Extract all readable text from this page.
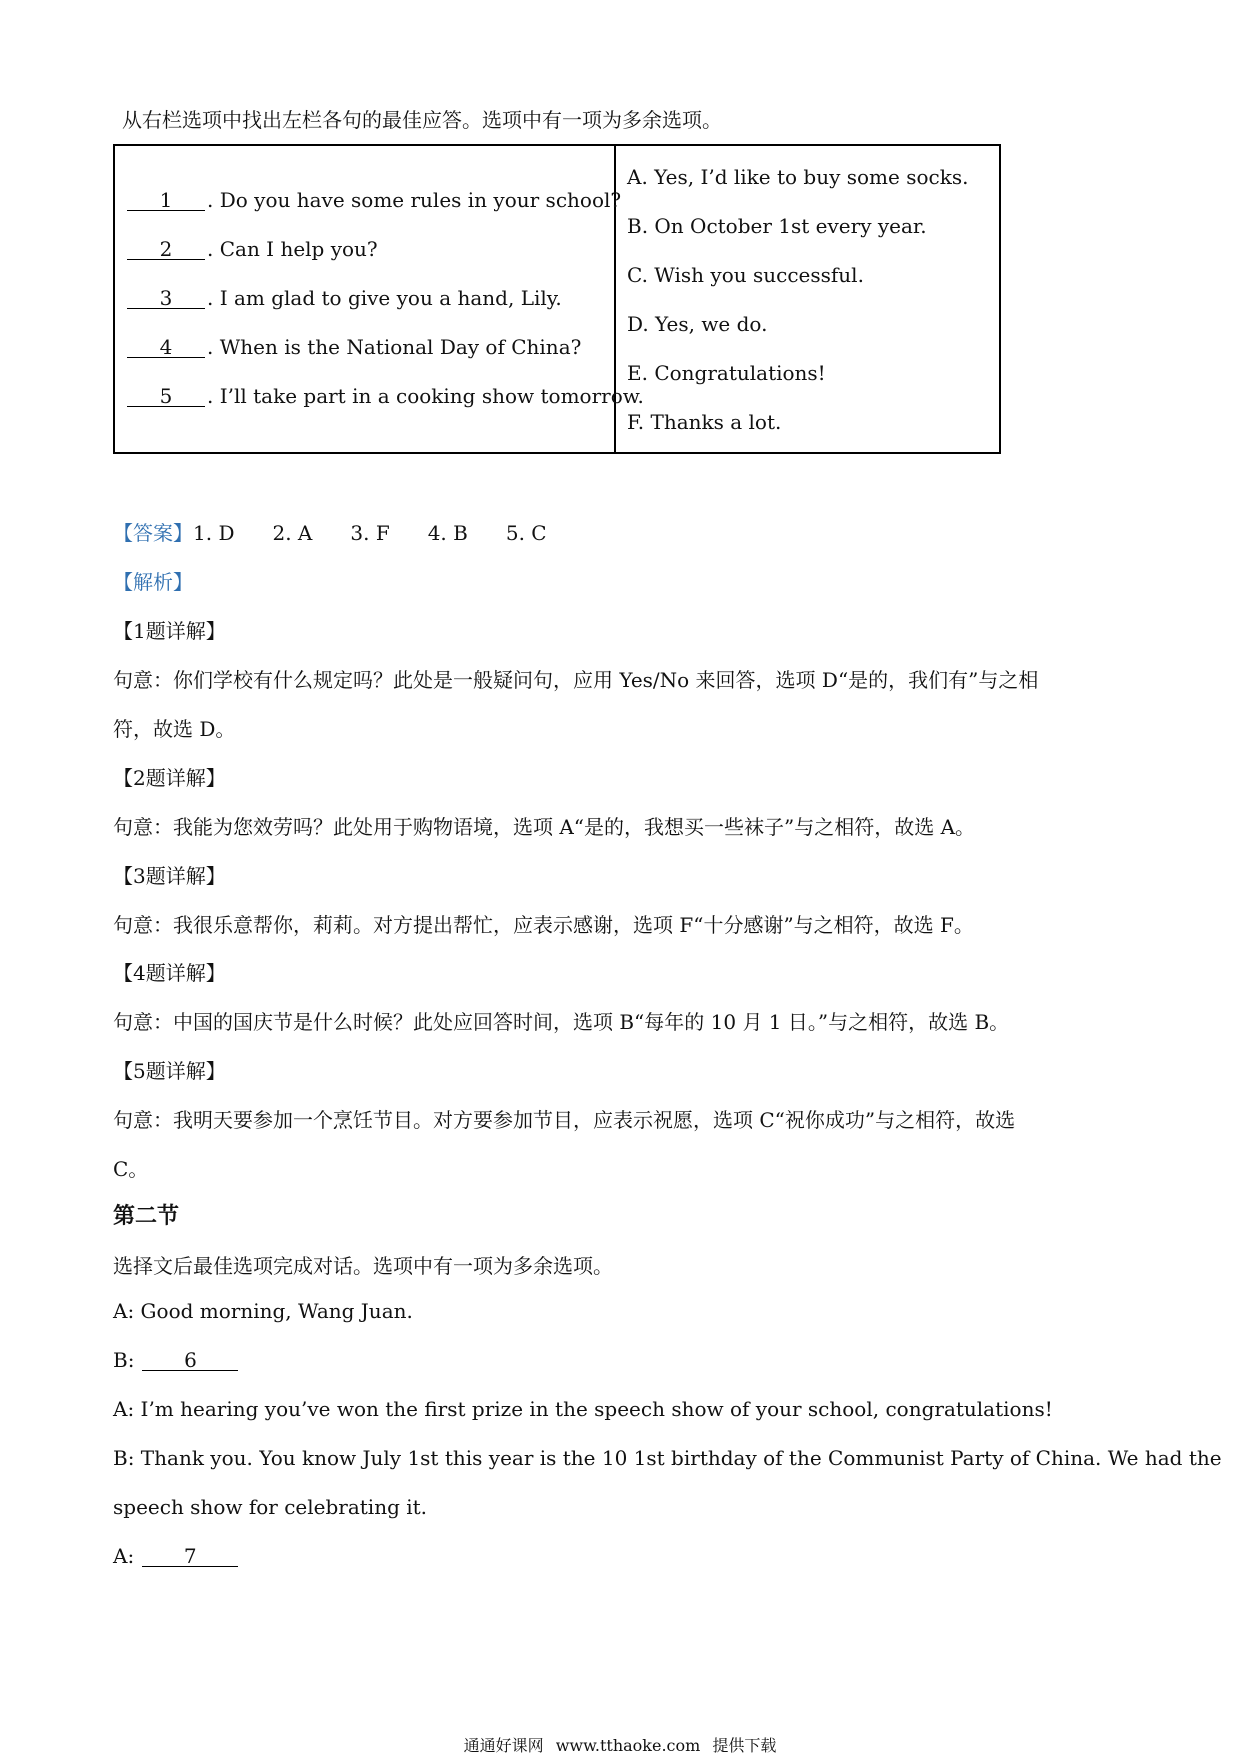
从右栏选项中找出左栏各句的最佳应答。选项中有一项为多余选项。
1 . Do you have some rules in your school?
2 . Can I help you?
3 . I am glad to give you a hand, Lily.
4 . When is the National Day of China?
5 . I’ll take part in a cooking show tomorrow.
A. Yes, I’d like to buy some socks.
B. On October 1st every year.
C. Wish you successful.
D. Yes, we do.
E. Congratulations!
F. Thanks a lot.
【答案】1. D 2. A 3. F 4. B 5. C
【解析】
【1题详解】
句意：你们学校有什么规定吗？此处是一般疑问句，应用 Yes/No 来回答，选项 D“是的，我们有”与之相
符，故选 D。
【2题详解】
句意：我能为您效劳吗？此处用于购物语境，选项 A“是的，我想买一些袜子”与之相符，故选 A。
【3题详解】
句意：我很乐意帮你，莉莉。对方提出帮忙，应表示感谢，选项 F“十分感谢”与之相符，故选 F。
【4题详解】
句意：中国的国庆节是什么时候？此处应回答时间，选项 B“每年的 10 月 1 日。”与之相符，故选 B。
【5题详解】
句意：我明天要参加一个烹饪节目。对方要参加节目，应表示祝愿，选项 C“祝你成功”与之相符，故选
C。
第二节
选择文后最佳选项完成对话。选项中有一项为多余选项。
A: Good morning, Wang Juan.
B: 6
A: I’m hearing you’ve won the first prize in the speech show of your school, congratulations!
B: Thank you. You know July 1st this year is the 10 1st birthday of the Communist Party of China. We had the
speech show for celebrating it.
A: 7
通通好课网 www.tthaoke.com 提供下载
